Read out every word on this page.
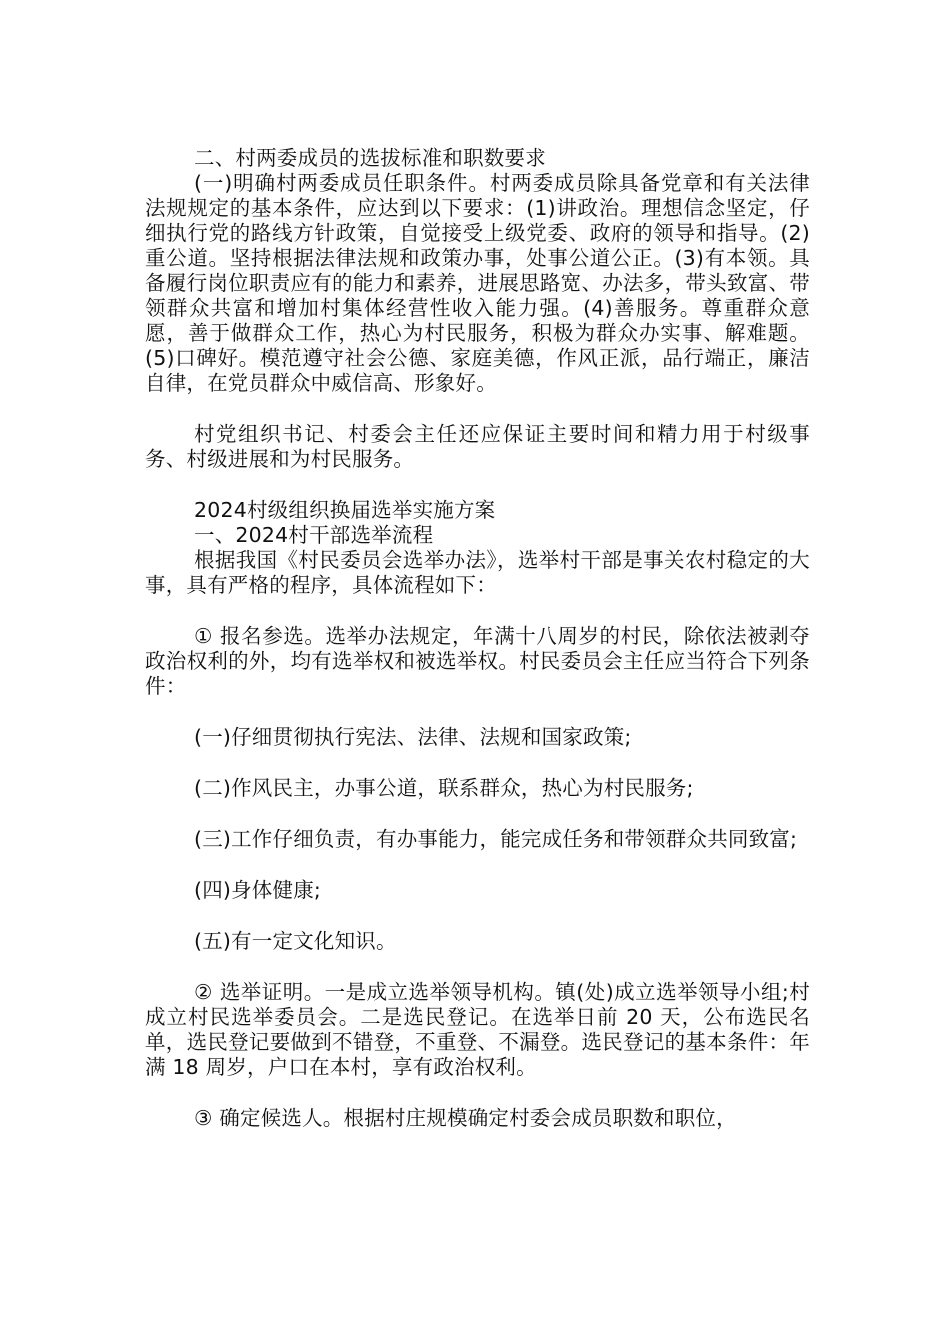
二、村两委成员的选拔标准和职数要求

(一)明确村两委成员任职条件。村两委成员除具备党章和有关法律法规规定的基本条件，应达到以下要求：(1)讲政治。理想信念坚定，仔细执行党的路线方针政策，自觉接受上级党委、政府的领导和指导。(2)重公道。坚持根据法律法规和政策办事，处事公道公正。(3)有本领。具备履行岗位职责应有的能力和素养，进展思路宽、办法多，带头致富、带领群众共富和增加村集体经营性收入能力强。(4)善服务。尊重群众意愿，善于做群众工作，热心为村民服务，积极为群众办实事、解难题。(5)口碑好。模范遵守社会公德、家庭美德，作风正派，品行端正，廉洁自律，在党员群众中威信高、形象好。

村党组织书记、村委会主任还应保证主要时间和精力用于村级事务、村级进展和为村民服务。

2024村级组织换届选举实施方案

一、2024村干部选举流程

根据我国《村民委员会选举办法》，选举村干部是事关农村稳定的大事，具有严格的程序，具体流程如下：

① 报名参选。选举办法规定，年满十八周岁的村民，除依法被剥夺政治权利的外，均有选举权和被选举权。村民委员会主任应当符合下列条件：

(一)仔细贯彻执行宪法、法律、法规和国家政策;

(二)作风民主，办事公道，联系群众，热心为村民服务;

(三)工作仔细负责，有办事能力，能完成任务和带领群众共同致富;

(四)身体健康;

(五)有一定文化知识。

② 选举证明。一是成立选举领导机构。镇(处)成立选举领导小组;村成立村民选举委员会。二是选民登记。在选举日前 20 天，公布选民名单，选民登记要做到不错登，不重登、不漏登。选民登记的基本条件：年满 18 周岁，户口在本村，享有政治权利。

③ 确定候选人。根据村庄规模确定村委会成员职数和职位，
